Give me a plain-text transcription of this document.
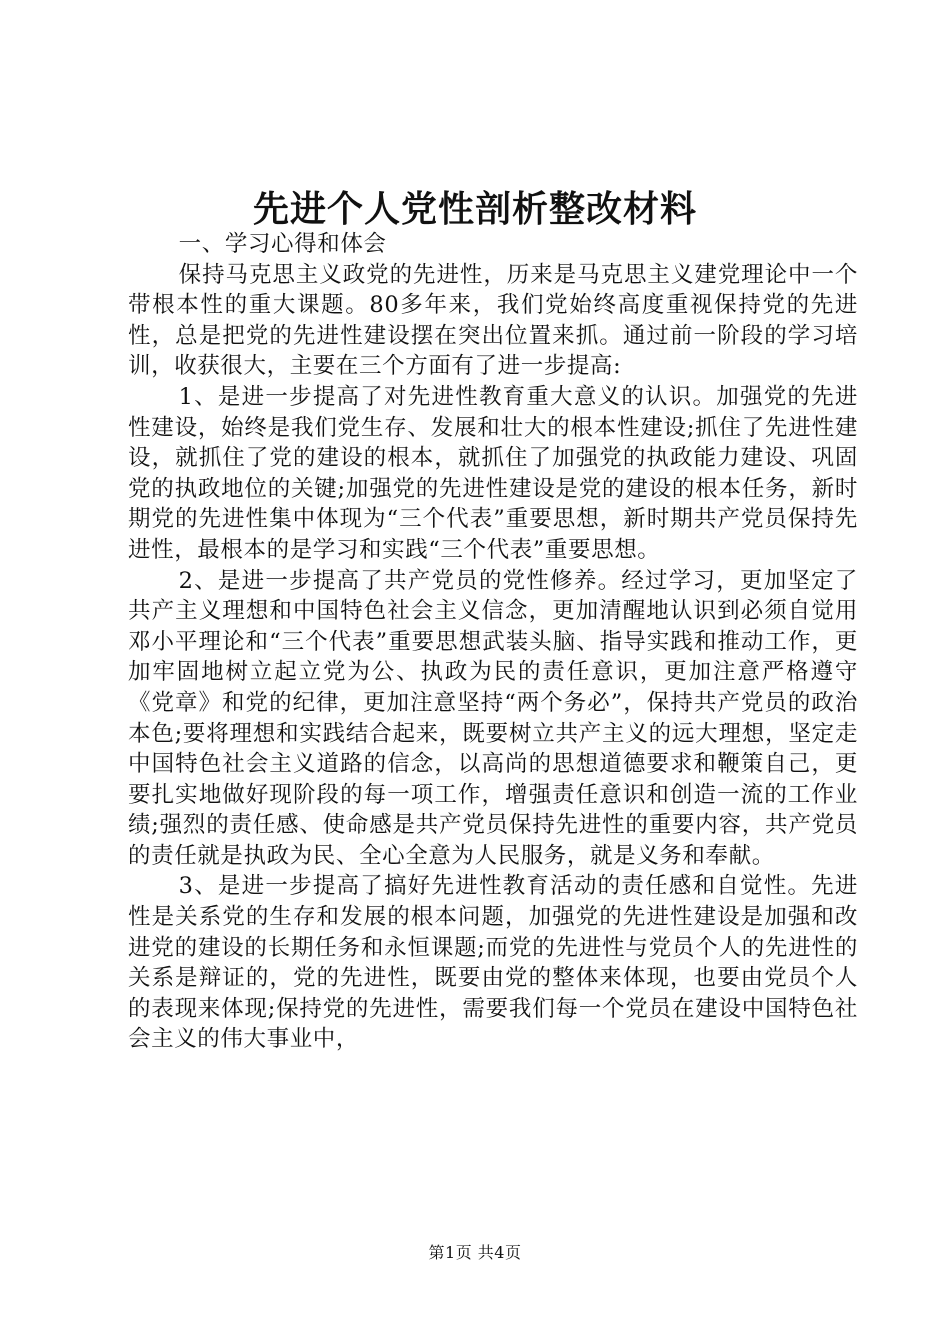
先进个人党性剖析整改材料

一、学习心得和体会

保持马克思主义政党的先进性，历来是马克思主义建党理论中一个带根本性的重大课题。80多年来，我们党始终高度重视保持党的先进性，总是把党的先进性建设摆在突出位置来抓。通过前一阶段的学习培训，收获很大，主要在三个方面有了进一步提高:

1、是进一步提高了对先进性教育重大意义的认识。加强党的先进性建设，始终是我们党生存、发展和壮大的根本性建设;抓住了先进性建设，就抓住了党的建设的根本，就抓住了加强党的执政能力建设、巩固党的执政地位的关键;加强党的先进性建设是党的建设的根本任务，新时期党的先进性集中体现为“三个代表”重要思想，新时期共产党员保持先进性，最根本的是学习和实践“三个代表”重要思想。

2、是进一步提高了共产党员的党性修养。经过学习，更加坚定了共产主义理想和中国特色社会主义信念，更加清醒地认识到必须自觉用邓小平理论和“三个代表”重要思想武装头脑、指导实践和推动工作，更加牢固地树立起立党为公、执政为民的责任意识，更加注意严格遵守《党章》和党的纪律，更加注意坚持“两个务必”，保持共产党员的政治本色;要将理想和实践结合起来，既要树立共产主义的远大理想，坚定走中国特色社会主义道路的信念，以高尚的思想道德要求和鞭策自己，更要扎实地做好现阶段的每一项工作，增强责任意识和创造一流的工作业绩;强烈的责任感、使命感是共产党员保持先进性的重要内容，共产党员的责任就是执政为民、全心全意为人民服务，就是义务和奉献。

3、是进一步提高了搞好先进性教育活动的责任感和自觉性。先进性是关系党的生存和发展的根本问题，加强党的先进性建设是加强和改进党的建设的长期任务和永恒课题;而党的先进性与党员个人的先进性的关系是辩证的，党的先进性，既要由党的整体来体现，也要由党员个人的表现来体现;保持党的先进性，需要我们每一个党员在建设中国特色社会主义的伟大事业中，

第1页 共4页
